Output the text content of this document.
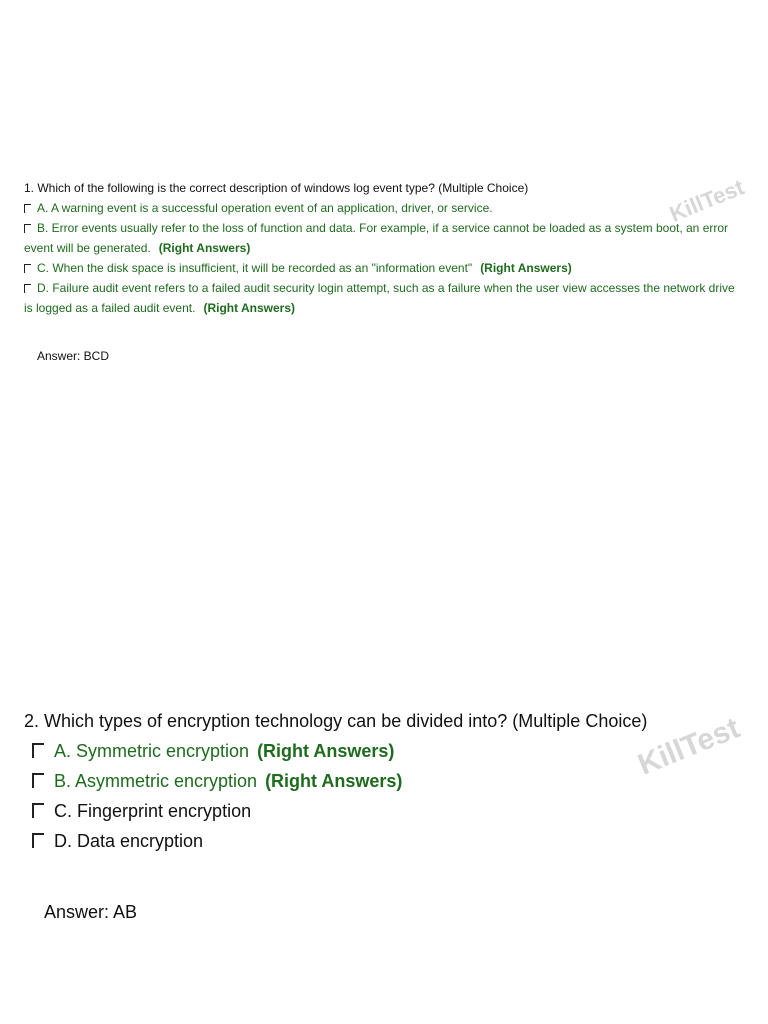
1. Which of the following is the correct description of windows log event type? (Multiple Choice)
A. A warning event is a successful operation event of an application, driver, or service.
B. Error events usually refer to the loss of function and data. For example, if a service cannot be loaded as a system boot, an error event will be generated. (Right Answers)
C. When the disk space is insufficient, it will be recorded as an "information event" (Right Answers)
D. Failure audit event refers to a failed audit security login attempt, such as a failure when the user view accesses the network drive is logged as a failed audit event. (Right Answers)
Answer: BCD
2. Which types of encryption technology can be divided into? (Multiple Choice)
A. Symmetric encryption (Right Answers)
B. Asymmetric encryption (Right Answers)
C. Fingerprint encryption
D. Data encryption
Answer: AB
KillTest
KillTest
